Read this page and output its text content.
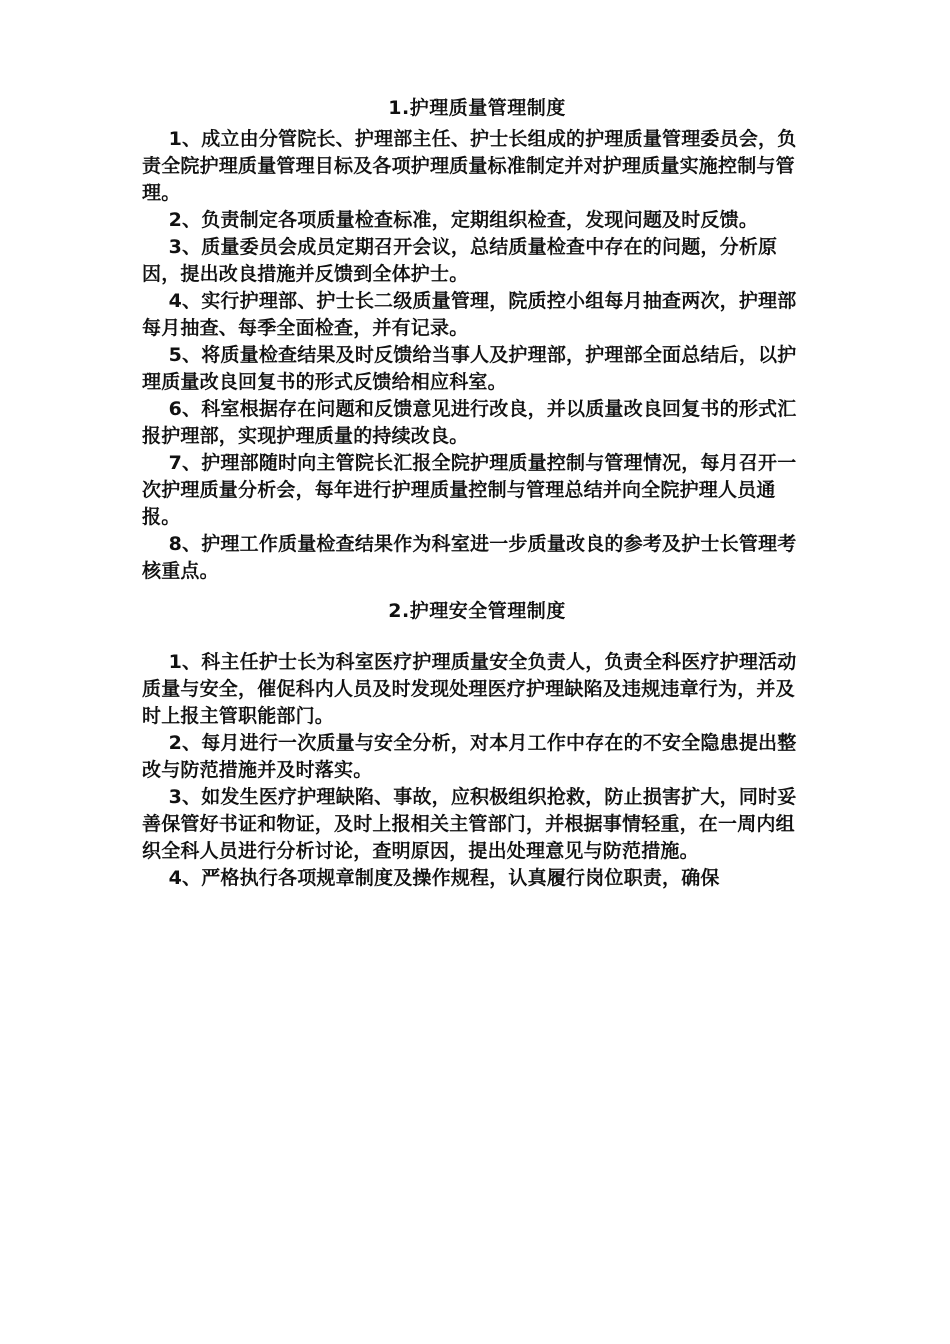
1.护理质量管理制度

1、成立由分管院长、护理部主任、护士长组成的护理质量管理委员会，负责全院护理质量管理目标及各项护理质量标准制定并对护理质量实施控制与管理。

2、负责制定各项质量检查标准，定期组织检查，发现问题及时反馈。

3、质量委员会成员定期召开会议，总结质量检查中存在的问题，分析原因，提出改良措施并反馈到全体护士。

4、实行护理部、护士长二级质量管理，院质控小组每月抽查两次，护理部每月抽查、每季全面检查，并有记录。

5、将质量检查结果及时反馈给当事人及护理部，护理部全面总结后，以护理质量改良回复书的形式反馈给相应科室。

6、科室根据存在问题和反馈意见进行改良，并以质量改良回复书的形式汇报护理部，实现护理质量的持续改良。

7、护理部随时向主管院长汇报全院护理质量控制与管理情况，每月召开一次护理质量分析会，每年进行护理质量控制与管理总结并向全院护理人员通报。

8、护理工作质量检查结果作为科室进一步质量改良的参考及护士长管理考核重点。

2.护理安全管理制度

1、科主任护士长为科室医疗护理质量安全负责人，负责全科医疗护理活动质量与安全，催促科内人员及时发现处理医疗护理缺陷及违规违章行为，并及时上报主管职能部门。

2、每月进行一次质量与安全分析，对本月工作中存在的不安全隐患提出整改与防范措施并及时落实。

3、如发生医疗护理缺陷、事故，应积极组织抢救，防止损害扩大，同时妥善保管好书证和物证，及时上报相关主管部门，并根据事情轻重，在一周内组织全科人员进行分析讨论，查明原因，提出处理意见与防范措施。

4、严格执行各项规章制度及操作规程，认真履行岗位职责，确保
